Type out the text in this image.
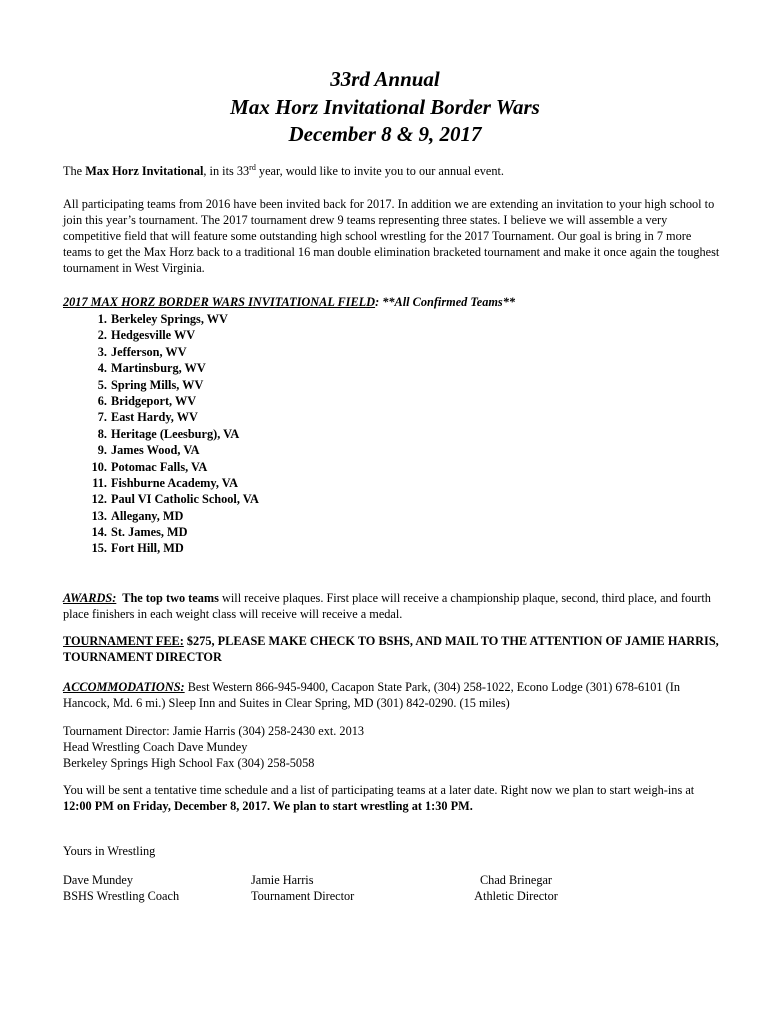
33rd Annual
Max Horz Invitational Border Wars
December 8 & 9, 2017

The Max Horz Invitational, in its 33rd year, would like to invite you to our annual event.

All participating teams from 2016 have been invited back for 2017. In addition we are extending an invitation to your high school to join this year’s tournament. The 2017 tournament drew 9 teams representing three states. I believe we will assemble a very competitive field that will feature some outstanding high school wrestling for the 2017 Tournament. Our goal is bring in 7 more teams to get the Max Horz back to a traditional 16 man double elimination bracketed tournament and make it once again the toughest tournament in West Virginia.

2017 MAX HORZ BORDER WARS INVITATIONAL FIELD: **All Confirmed Teams**

1. Berkeley Springs, WV
2. Hedgesville WV
3. Jefferson, WV
4. Martinsburg, WV
5. Spring Mills, WV
6. Bridgeport, WV
7. East Hardy, WV
8. Heritage (Leesburg), VA
9. James Wood, VA
10. Potomac Falls, VA
11. Fishburne Academy, VA
12. Paul VI Catholic School, VA
13. Allegany, MD
14. St. James, MD
15. Fort Hill, MD

AWARDS:  The top two teams will receive plaques. First place will receive a championship plaque, second, third place, and fourth place finishers in each weight class will receive will receive a medal.

TOURNAMENT FEE: $275, PLEASE MAKE CHECK TO BSHS, AND MAIL TO THE ATTENTION OF JAMIE HARRIS, TOURNAMENT DIRECTOR

ACCOMMODATIONS: Best Western 866-945-9400, Cacapon State Park, (304) 258-1022, Econo Lodge (301) 678-6101 (In Hancock, Md. 6 mi.) Sleep Inn and Suites in Clear Spring, MD (301) 842-0290. (15 miles)

Tournament Director: Jamie Harris (304) 258-2430 ext. 2013
Head Wrestling Coach Dave Mundey
Berkeley Springs High School Fax (304) 258-5058

You will be sent a tentative time schedule and a list of participating teams at a later date. Right now we plan to start weigh-ins at 12:00 PM on Friday, December 8, 2017. We plan to start wrestling at 1:30 PM.

Yours in Wrestling

Dave Mundey
BSHS Wrestling Coach
Jamie Harris
Tournament Director
Chad Brinegar
Athletic Director
